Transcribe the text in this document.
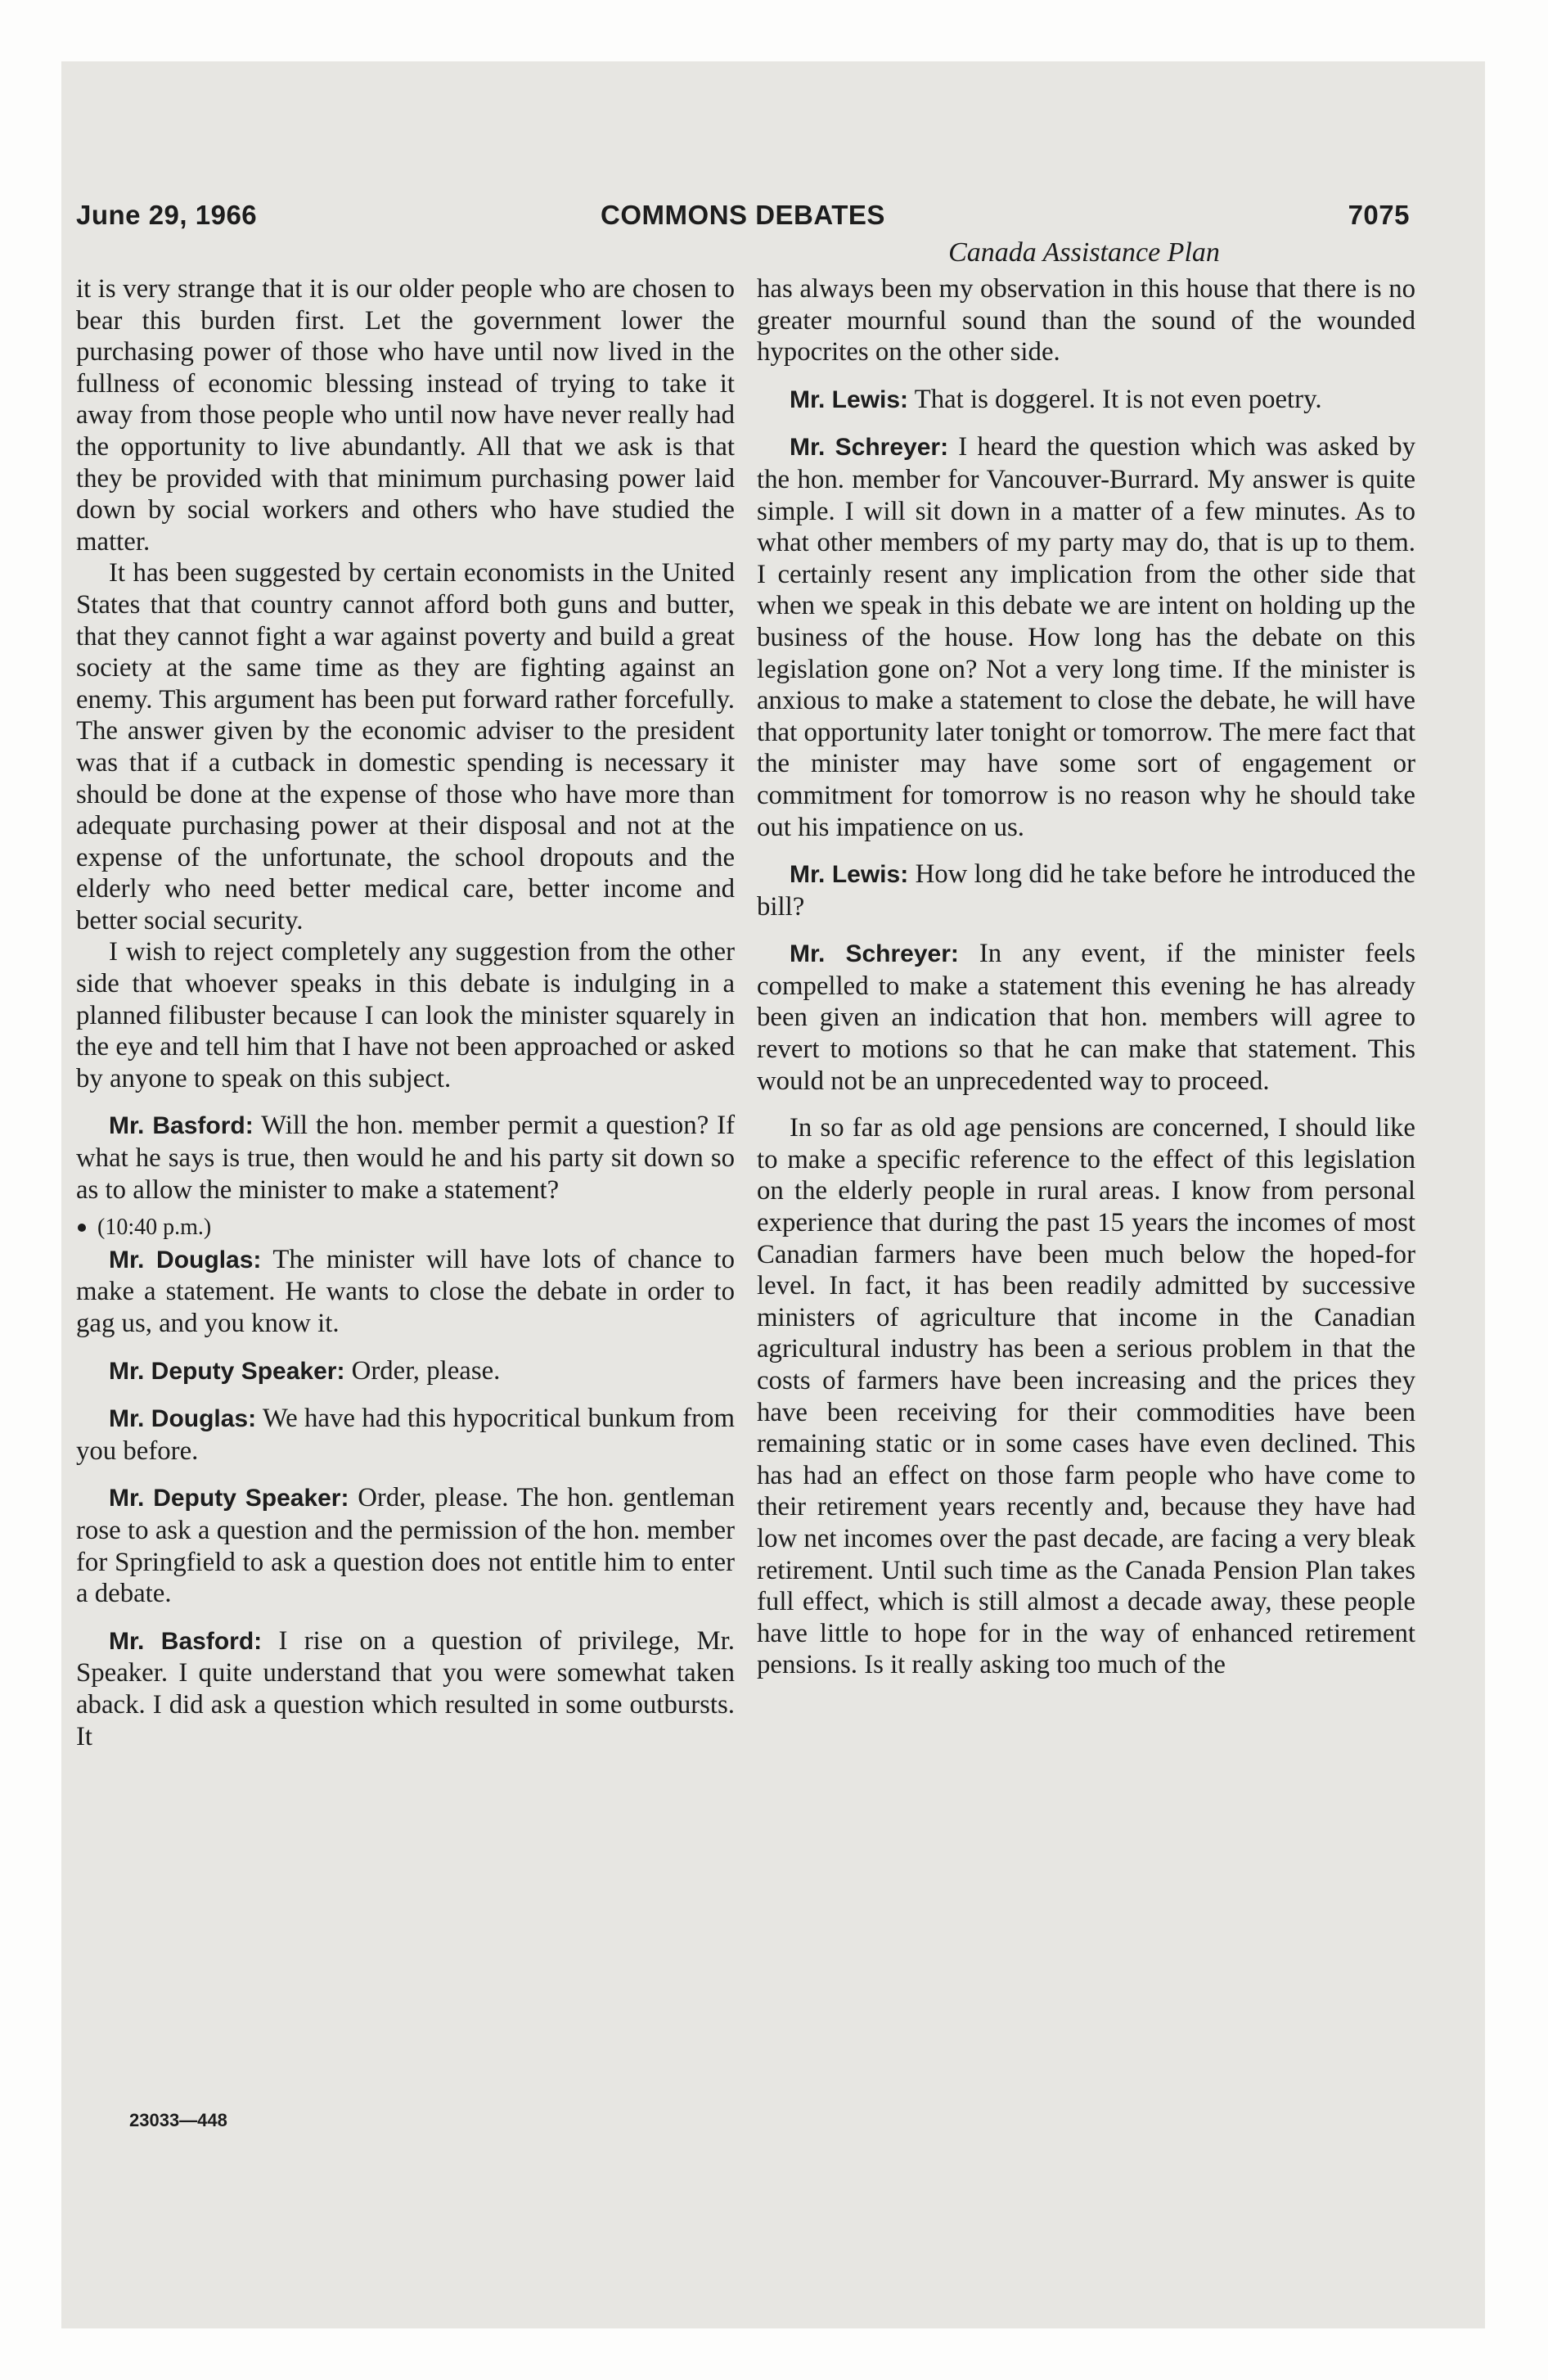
June 29, 1966	COMMONS DEBATES	7075
Canada Assistance Plan

it is very strange that it is our older people who are chosen to bear this burden first. Let the government lower the purchasing power of those who have until now lived in the fullness of economic blessing instead of trying to take it away from those people who until now have never really had the opportunity to live abundantly. All that we ask is that they be provided with that minimum purchasing power laid down by social workers and others who have studied the matter.

It has been suggested by certain economists in the United States that that country cannot afford both guns and butter, that they cannot fight a war against poverty and build a great society at the same time as they are fighting against an enemy. This argument has been put forward rather forcefully. The answer given by the economic adviser to the president was that if a cutback in domestic spending is necessary it should be done at the expense of those who have more than adequate purchasing power at their disposal and not at the expense of the unfortunate, the school dropouts and the elderly who need better medical care, better income and better social security.

I wish to reject completely any suggestion from the other side that whoever speaks in this debate is indulging in a planned filibuster because I can look the minister squarely in the eye and tell him that I have not been approached or asked by anyone to speak on this subject.

Mr. Basford: Will the hon. member permit a question? If what he says is true, then would he and his party sit down so as to allow the minister to make a statement?

(10:40 p.m.)

Mr. Douglas: The minister will have lots of chance to make a statement. He wants to close the debate in order to gag us, and you know it.

Mr. Deputy Speaker: Order, please.

Mr. Douglas: We have had this hypocritical bunkum from you before.

Mr. Deputy Speaker: Order, please. The hon. gentleman rose to ask a question and the permission of the hon. member for Springfield to ask a question does not entitle him to enter a debate.

Mr. Basford: I rise on a question of privilege, Mr. Speaker. I quite understand that you were somewhat taken aback. I did ask a question which resulted in some outbursts. It

has always been my observation in this house that there is no greater mournful sound than the sound of the wounded hypocrites on the other side.

Mr. Lewis: That is doggerel. It is not even poetry.

Mr. Schreyer: I heard the question which was asked by the hon. member for Vancouver-Burrard. My answer is quite simple. I will sit down in a matter of a few minutes. As to what other members of my party may do, that is up to them. I certainly resent any implication from the other side that when we speak in this debate we are intent on holding up the business of the house. How long has the debate on this legislation gone on? Not a very long time. If the minister is anxious to make a statement to close the debate, he will have that opportunity later tonight or tomorrow. The mere fact that the minister may have some sort of engagement or commitment for tomorrow is no reason why he should take out his impatience on us.

Mr. Lewis: How long did he take before he introduced the bill?

Mr. Schreyer: In any event, if the minister feels compelled to make a statement this evening he has already been given an indication that hon. members will agree to revert to motions so that he can make that statement. This would not be an unprecedented way to proceed.

In so far as old age pensions are concerned, I should like to make a specific reference to the effect of this legislation on the elderly people in rural areas. I know from personal experience that during the past 15 years the incomes of most Canadian farmers have been much below the hoped-for level. In fact, it has been readily admitted by successive ministers of agriculture that income in the Canadian agricultural industry has been a serious problem in that the costs of farmers have been increasing and the prices they have been receiving for their commodities have been remaining static or in some cases have even declined. This has had an effect on those farm people who have come to their retirement years recently and, because they have had low net incomes over the past decade, are facing a very bleak retirement. Until such time as the Canada Pension Plan takes full effect, which is still almost a decade away, these people have little to hope for in the way of enhanced retirement pensions. Is it really asking too much of the

23033—448
